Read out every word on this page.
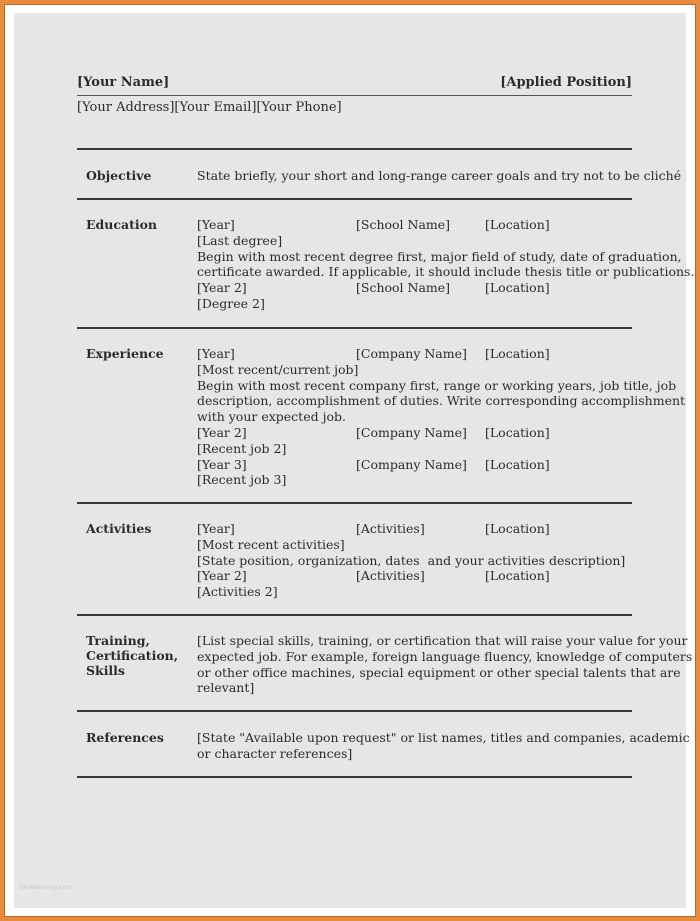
[Your Name]	[Applied Position]
[Your Address][Your Email][Your Phone]
Objective	State briefly, your short and long-range career goals and try not to be cliché
Education	[Year]	[School Name]	[Location]
[Last degree]
Begin with most recent degree first, major field of study, date of graduation,
certificate awarded. If applicable, it should include thesis title or publications.
[Year 2]	[School Name]	[Location]
[Degree 2]
Experience	[Year]	[Company Name] [Location]
[Most recent/current job]
Begin with most recent company first, range or working years, job title, job
description, accomplishment of duties. Write corresponding accomplishment
with your expected job.
[Year 2]	[Company Name] [Location]
[Recent job 2]
[Year 3]	[Company Name] [Location]
[Recent job 3]
Activities	[Year]	[Activities]	[Location]
[Most recent activities]
[State position, organization, dates  and your activities description]
[Year 2]	[Activities]	[Location]
[Activities 2]
Training,
Certification,
Skills
[List special skills, training, or certification that will raise your value for your
expected job. For example, foreign language fluency, knowledge of computers
or other office machines, special equipment or other special talents that are
relevant]
References	[State "Available upon request" or list names, titles and companies, academic
or character references]
GerAdsoving.com
